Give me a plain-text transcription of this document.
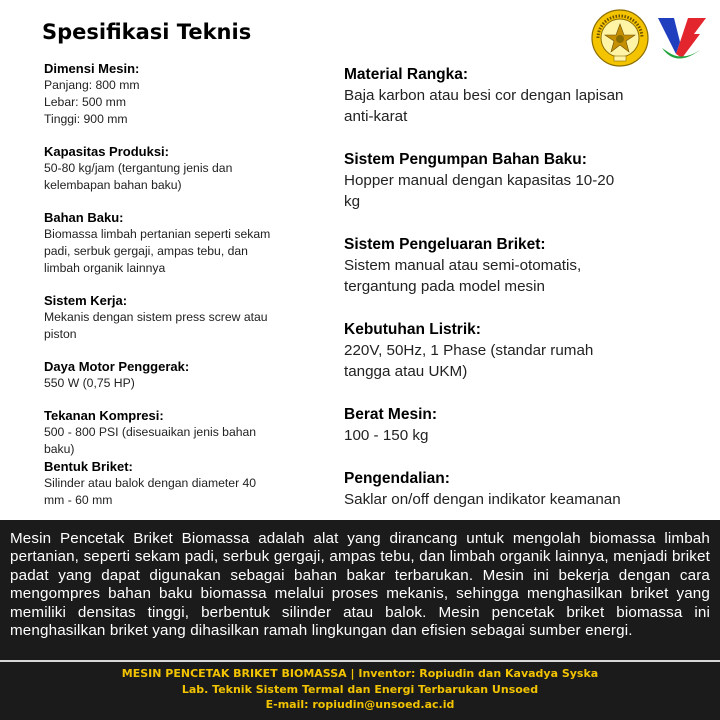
Spesifikasi Teknis
Dimensi Mesin:
Panjang: 800 mm
Lebar: 500 mm
Tinggi: 900 mm
Kapasitas Produksi:
50-80 kg/jam (tergantung jenis dan
kelembapan bahan baku)
Bahan Baku:
Biomassa limbah pertanian seperti sekam
padi, serbuk gergaji, ampas tebu, dan
limbah organik lainnya
Sistem Kerja:
Mekanis dengan sistem press screw atau
piston
Daya Motor Penggerak:
550 W (0,75 HP)
Tekanan Kompresi:
500 - 800 PSI (disesuaikan jenis bahan
baku)
Bentuk Briket:
Silinder atau balok dengan diameter 40
mm - 60 mm
Material Rangka:
Baja karbon atau besi cor dengan lapisan
anti-karat
Sistem Pengumpan Bahan Baku:
Hopper manual dengan kapasitas 10-20
kg
Sistem Pengeluaran Briket:
Sistem manual atau semi-otomatis,
tergantung pada model mesin
Kebutuhan Listrik:
220V, 50Hz, 1 Phase (standar rumah
tangga atau UKM)
Berat Mesin:
100 - 150 kg
Pengendalian:
Saklar on/off dengan indikator keamanan

Mesin Pencetak Briket Biomassa adalah alat yang dirancang untuk mengolah biomassa limbah pertanian, seperti sekam padi, serbuk gergaji, ampas tebu, dan limbah organik lainnya, menjadi briket padat yang dapat digunakan sebagai bahan bakar terbarukan. Mesin ini bekerja dengan cara mengompres bahan baku biomassa melalui proses mekanis, sehingga menghasilkan briket yang memiliki densitas tinggi, berbentuk silinder atau balok. Mesin pencetak briket biomassa ini menghasilkan briket yang dihasilkan ramah lingkungan dan efisien sebagai sumber energi.

MESIN PENCETAK BRIKET BIOMASSA | Inventor: Ropiudin dan Kavadya Syska
Lab. Teknik Sistem Termal dan Energi Terbarukan Unsoed
E-mail: ropiudin@unsoed.ac.id
